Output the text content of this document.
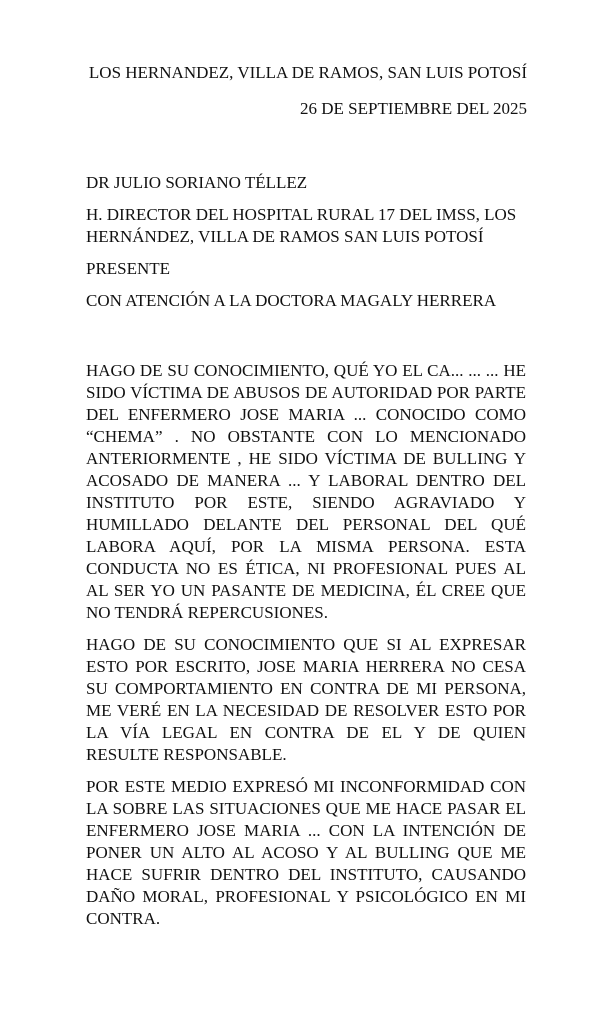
LOS HERNANDEZ, VILLA DE RAMOS, SAN LUIS POTOSÍ

26 DE SEPTIEMBRE DEL 2025

DR JULIO SORIANO TÉLLEZ

H. DIRECTOR DEL HOSPITAL RURAL 17 DEL IMSS, LOS HERNÁNDEZ, VILLA DE RAMOS SAN LUIS POTOSÍ

PRESENTE

CON ATENCIÓN A LA DOCTORA MAGALY HERRERA

HAGO DE SU CONOCIMIENTO, QUÉ YO EL CA... ... ... HE SIDO VÍCTIMA DE ABUSOS DE AUTORIDAD POR PARTE DEL ENFERMERO JOSE MARIA ... CONOCIDO COMO “CHEMA” . NO OBSTANTE CON LO MENCIONADO ANTERIORMENTE , HE SIDO VÍCTIMA DE BULLING Y ACOSADO DE MANERA ... Y LABORAL DENTRO DEL INSTITUTO POR ESTE, SIENDO AGRAVIADO Y HUMILLADO DELANTE DEL PERSONAL DEL QUÉ LABORA AQUÍ, POR LA MISMA PERSONA. ESTA CONDUCTA NO ES ÉTICA, NI PROFESIONAL PUES AL AL SER YO UN PASANTE DE MEDICINA, ÉL CREE QUE NO TENDRÁ REPERCUSIONES.

HAGO DE SU CONOCIMIENTO QUE SI AL EXPRESAR ESTO POR ESCRITO, JOSE MARIA HERRERA NO CESA SU COMPORTAMIENTO EN CONTRA DE MI PERSONA, ME VERÉ EN LA NECESIDAD DE RESOLVER ESTO POR LA VÍA LEGAL EN CONTRA DE EL Y DE QUIEN RESULTE RESPONSABLE.

POR ESTE MEDIO EXPRESÓ MI INCONFORMIDAD CON LA SOBRE LAS SITUACIONES QUE ME HACE PASAR EL ENFERMERO JOSE MARIA ... CON LA INTENCIÓN DE PONER UN ALTO AL ACOSO Y AL BULLING QUE ME HACE SUFRIR DENTRO DEL INSTITUTO, CAUSANDO DAÑO MORAL, PROFESIONAL Y PSICOLÓGICO EN MI CONTRA.
